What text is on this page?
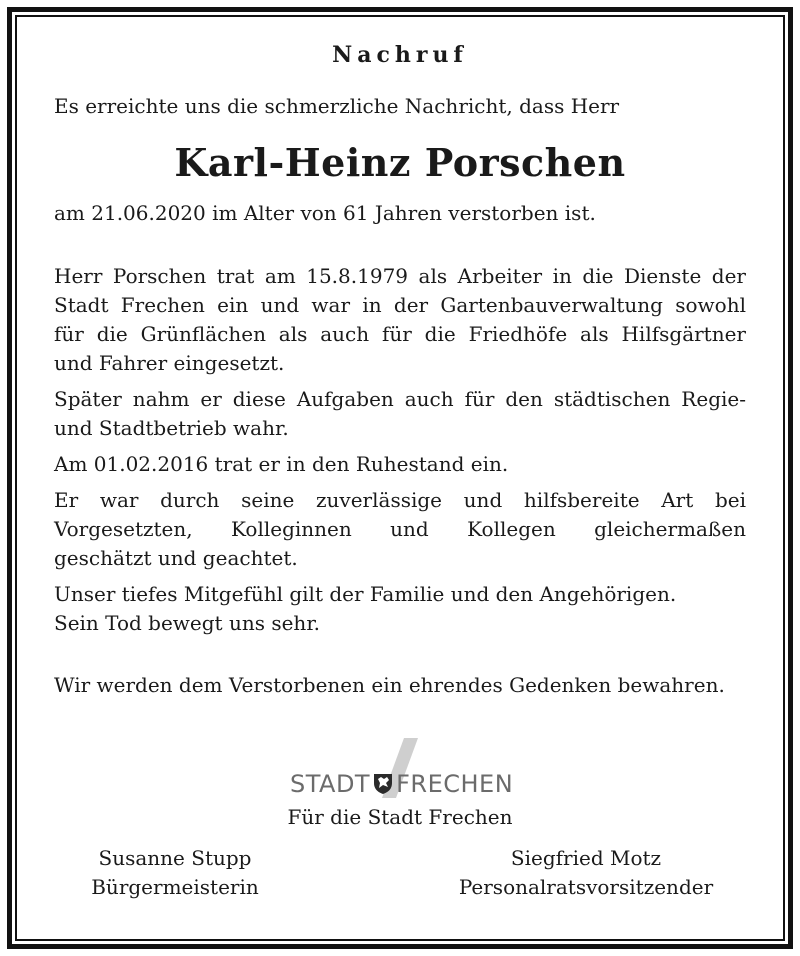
Nachruf

Es erreichte uns die schmerzliche Nachricht, dass Herr

Karl-Heinz Porschen

am 21.06.2020 im Alter von 61 Jahren verstorben ist.

Herr Porschen trat am 15.8.1979 als Arbeiter in die Dienste der

Stadt Frechen ein und war in der Gartenbauverwaltung sowohl

für die Grünflächen als auch für die Friedhöfe als Hilfsgärtner

und Fahrer eingesetzt.

Später nahm er diese Aufgaben auch für den städtischen Regie-

und Stadtbetrieb wahr.

Am 01.02.2016 trat er in den Ruhestand ein.

Er war durch seine zuverlässige und hilfsbereite Art bei

Vorgesetzten, Kolleginnen und Kollegen gleichermaßen

geschätzt und geachtet.

Unser tiefes Mitgefühl gilt der Familie und den Angehörigen.

Sein Tod bewegt uns sehr.

Wir werden dem Verstorbenen ein ehrendes Gedenken bewahren.

STADT FRECHEN
Für die Stadt Frechen
Susanne Stupp
Bürgermeisterin
Siegfried Motz
Personalratsvorsitzender
